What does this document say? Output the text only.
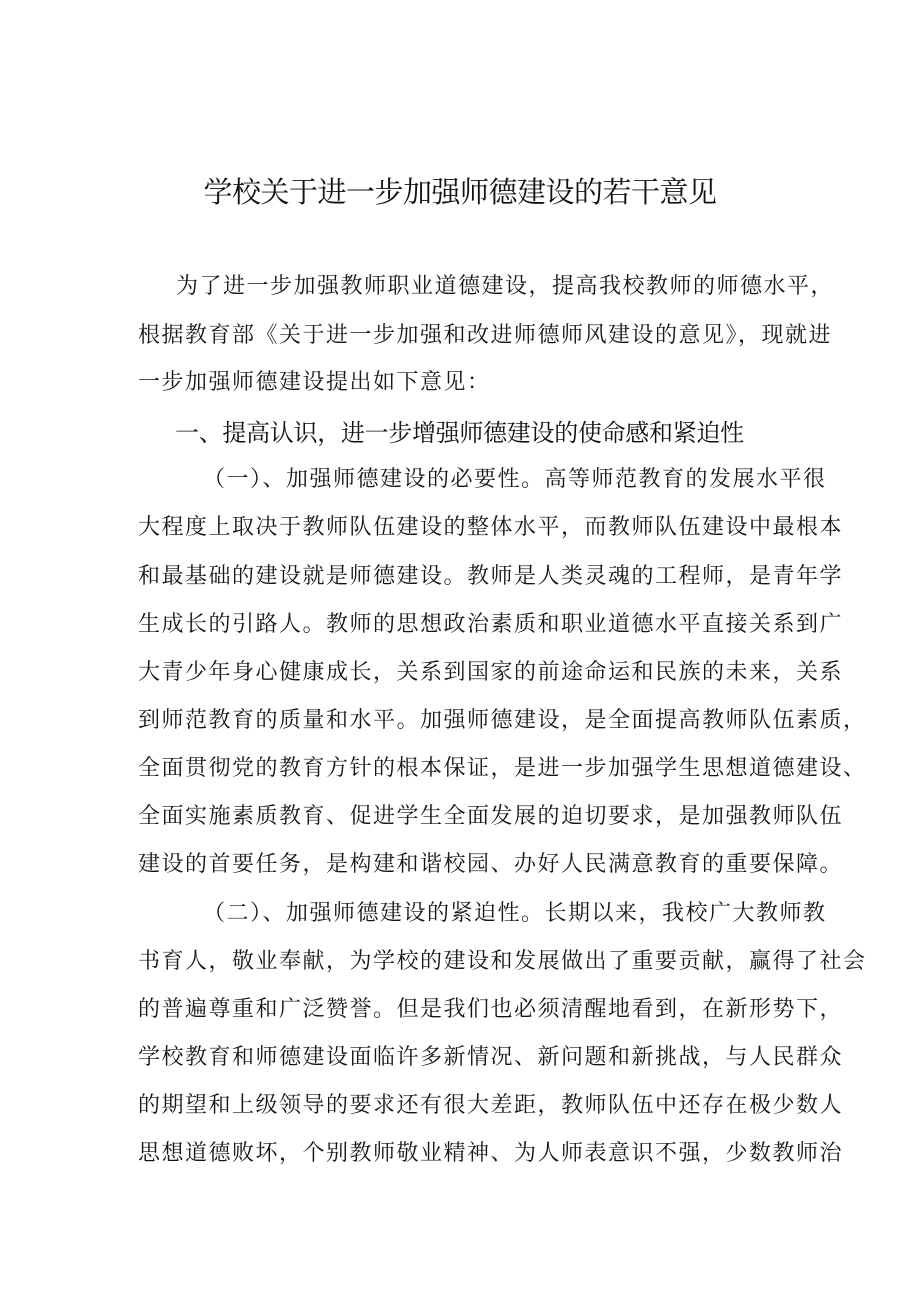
学校关于进一步加强师德建设的若干意见
为了进一步加强教师职业道德建设，提高我校教师的师德水平，
根据教育部《关于进一步加强和改进师德师风建设的意见》，现就进
一步加强师德建设提出如下意见：
一、提高认识，进一步增强师德建设的使命感和紧迫性
（一）、加强师德建设的必要性。高等师范教育的发展水平很
大程度上取决于教师队伍建设的整体水平，而教师队伍建设中最根本
和最基础的建设就是师德建设。教师是人类灵魂的工程师，是青年学
生成长的引路人。教师的思想政治素质和职业道德水平直接关系到广
大青少年身心健康成长，关系到国家的前途命运和民族的未来，关系
到师范教育的质量和水平。加强师德建设，是全面提高教师队伍素质，
全面贯彻党的教育方针的根本保证，是进一步加强学生思想道德建设、
全面实施素质教育、促进学生全面发展的迫切要求，是加强教师队伍
建设的首要任务，是构建和谐校园、办好人民满意教育的重要保障。
（二）、加强师德建设的紧迫性。长期以来，我校广大教师教
书育人，敬业奉献，为学校的建设和发展做出了重要贡献，赢得了社会
的普遍尊重和广泛赞誉。但是我们也必须清醒地看到，在新形势下，
学校教育和师德建设面临许多新情况、新问题和新挑战，与人民群众
的期望和上级领导的要求还有很大差距，教师队伍中还存在极少数人
思想道德败坏，个别教师敬业精神、为人师表意识不强，少数教师治
